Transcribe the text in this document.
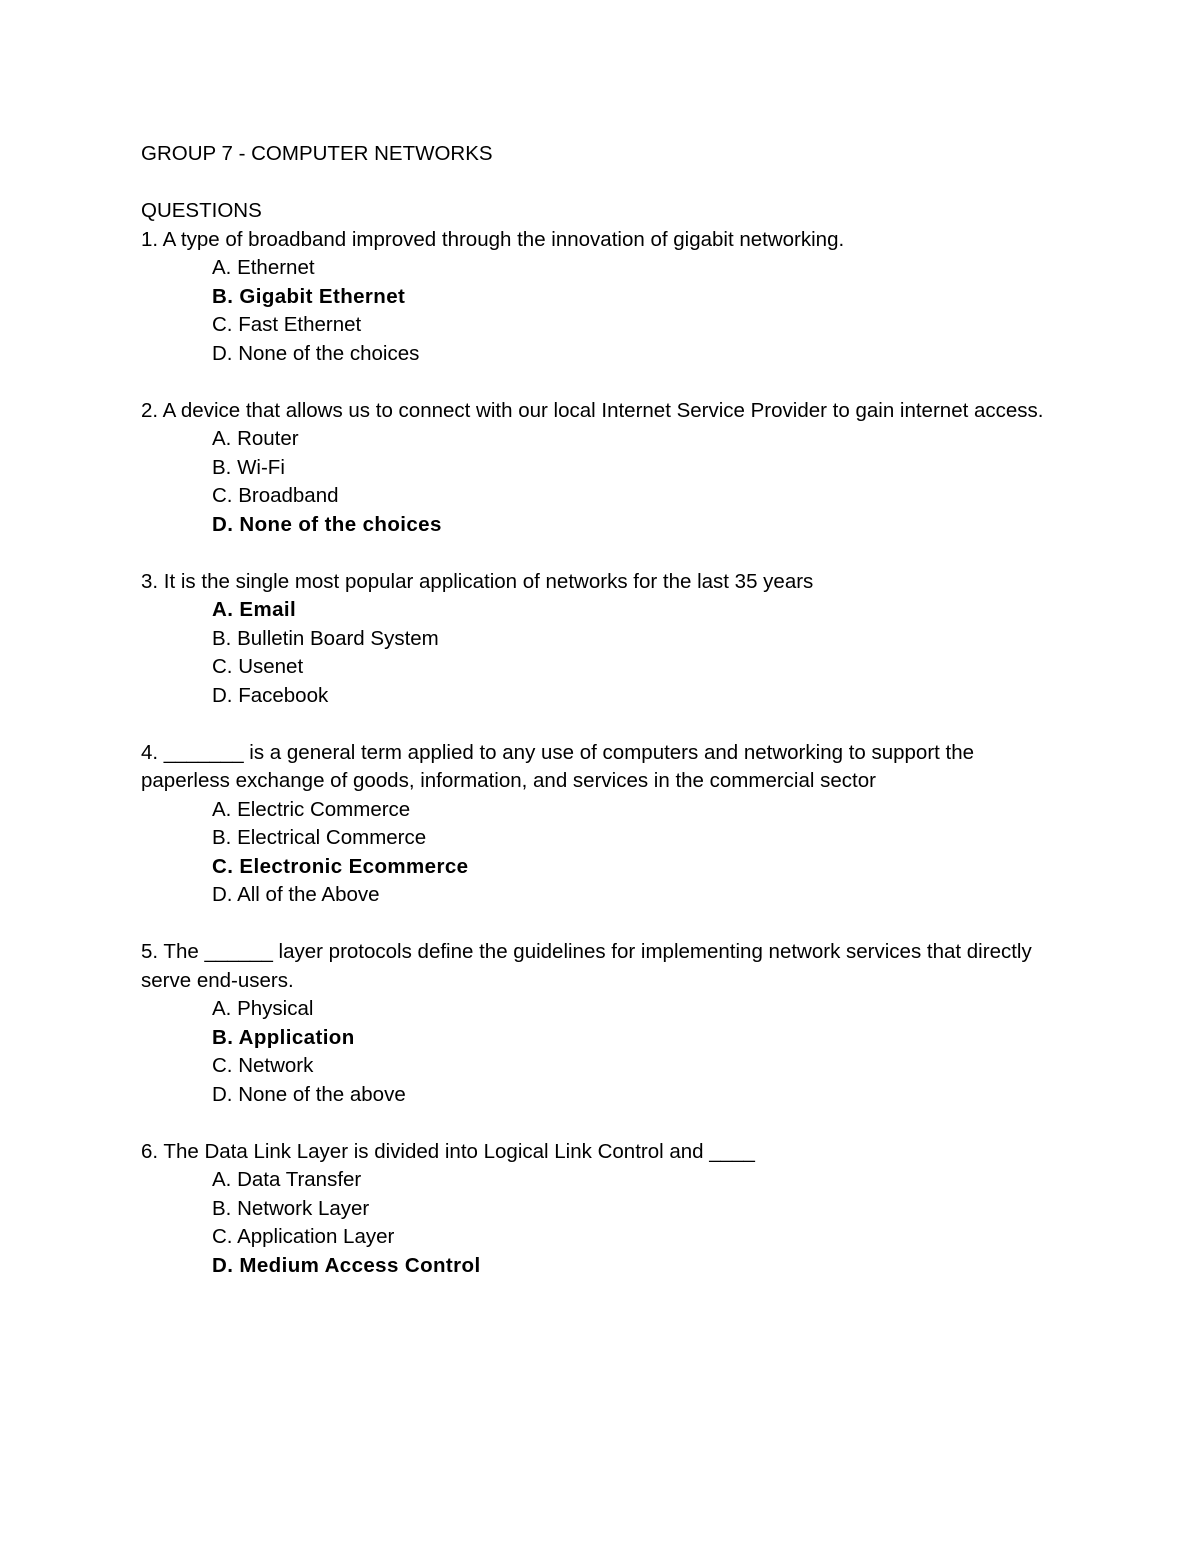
GROUP 7 - COMPUTER NETWORKS

QUESTIONS

1. A type of broadband improved through the innovation of gigabit networking.

A. Ethernet
B. Gigabit Ethernet
C. Fast Ethernet
D. None of the choices

2. A device that allows us to connect with our local Internet Service Provider to gain internet access.

A. Router
B. Wi-Fi
C. Broadband
D. None of the choices

3. It is the single most popular application of networks for the last 35 years

A. Email
B. Bulletin Board System
C. Usenet
D. Facebook

4. _______ is a general term applied to any use of computers and networking to support the paperless exchange of goods, information, and services in the commercial sector

A. Electric Commerce
B. Electrical Commerce
C. Electronic Ecommerce
D. All of the Above

5. The ______ layer protocols define the guidelines for implementing network services that directly serve end-users.

A. Physical
B. Application
C. Network
D. None of the above

6. The Data Link Layer is divided into Logical Link Control and ____

A. Data Transfer
B. Network Layer
C. Application Layer
D. Medium Access Control
